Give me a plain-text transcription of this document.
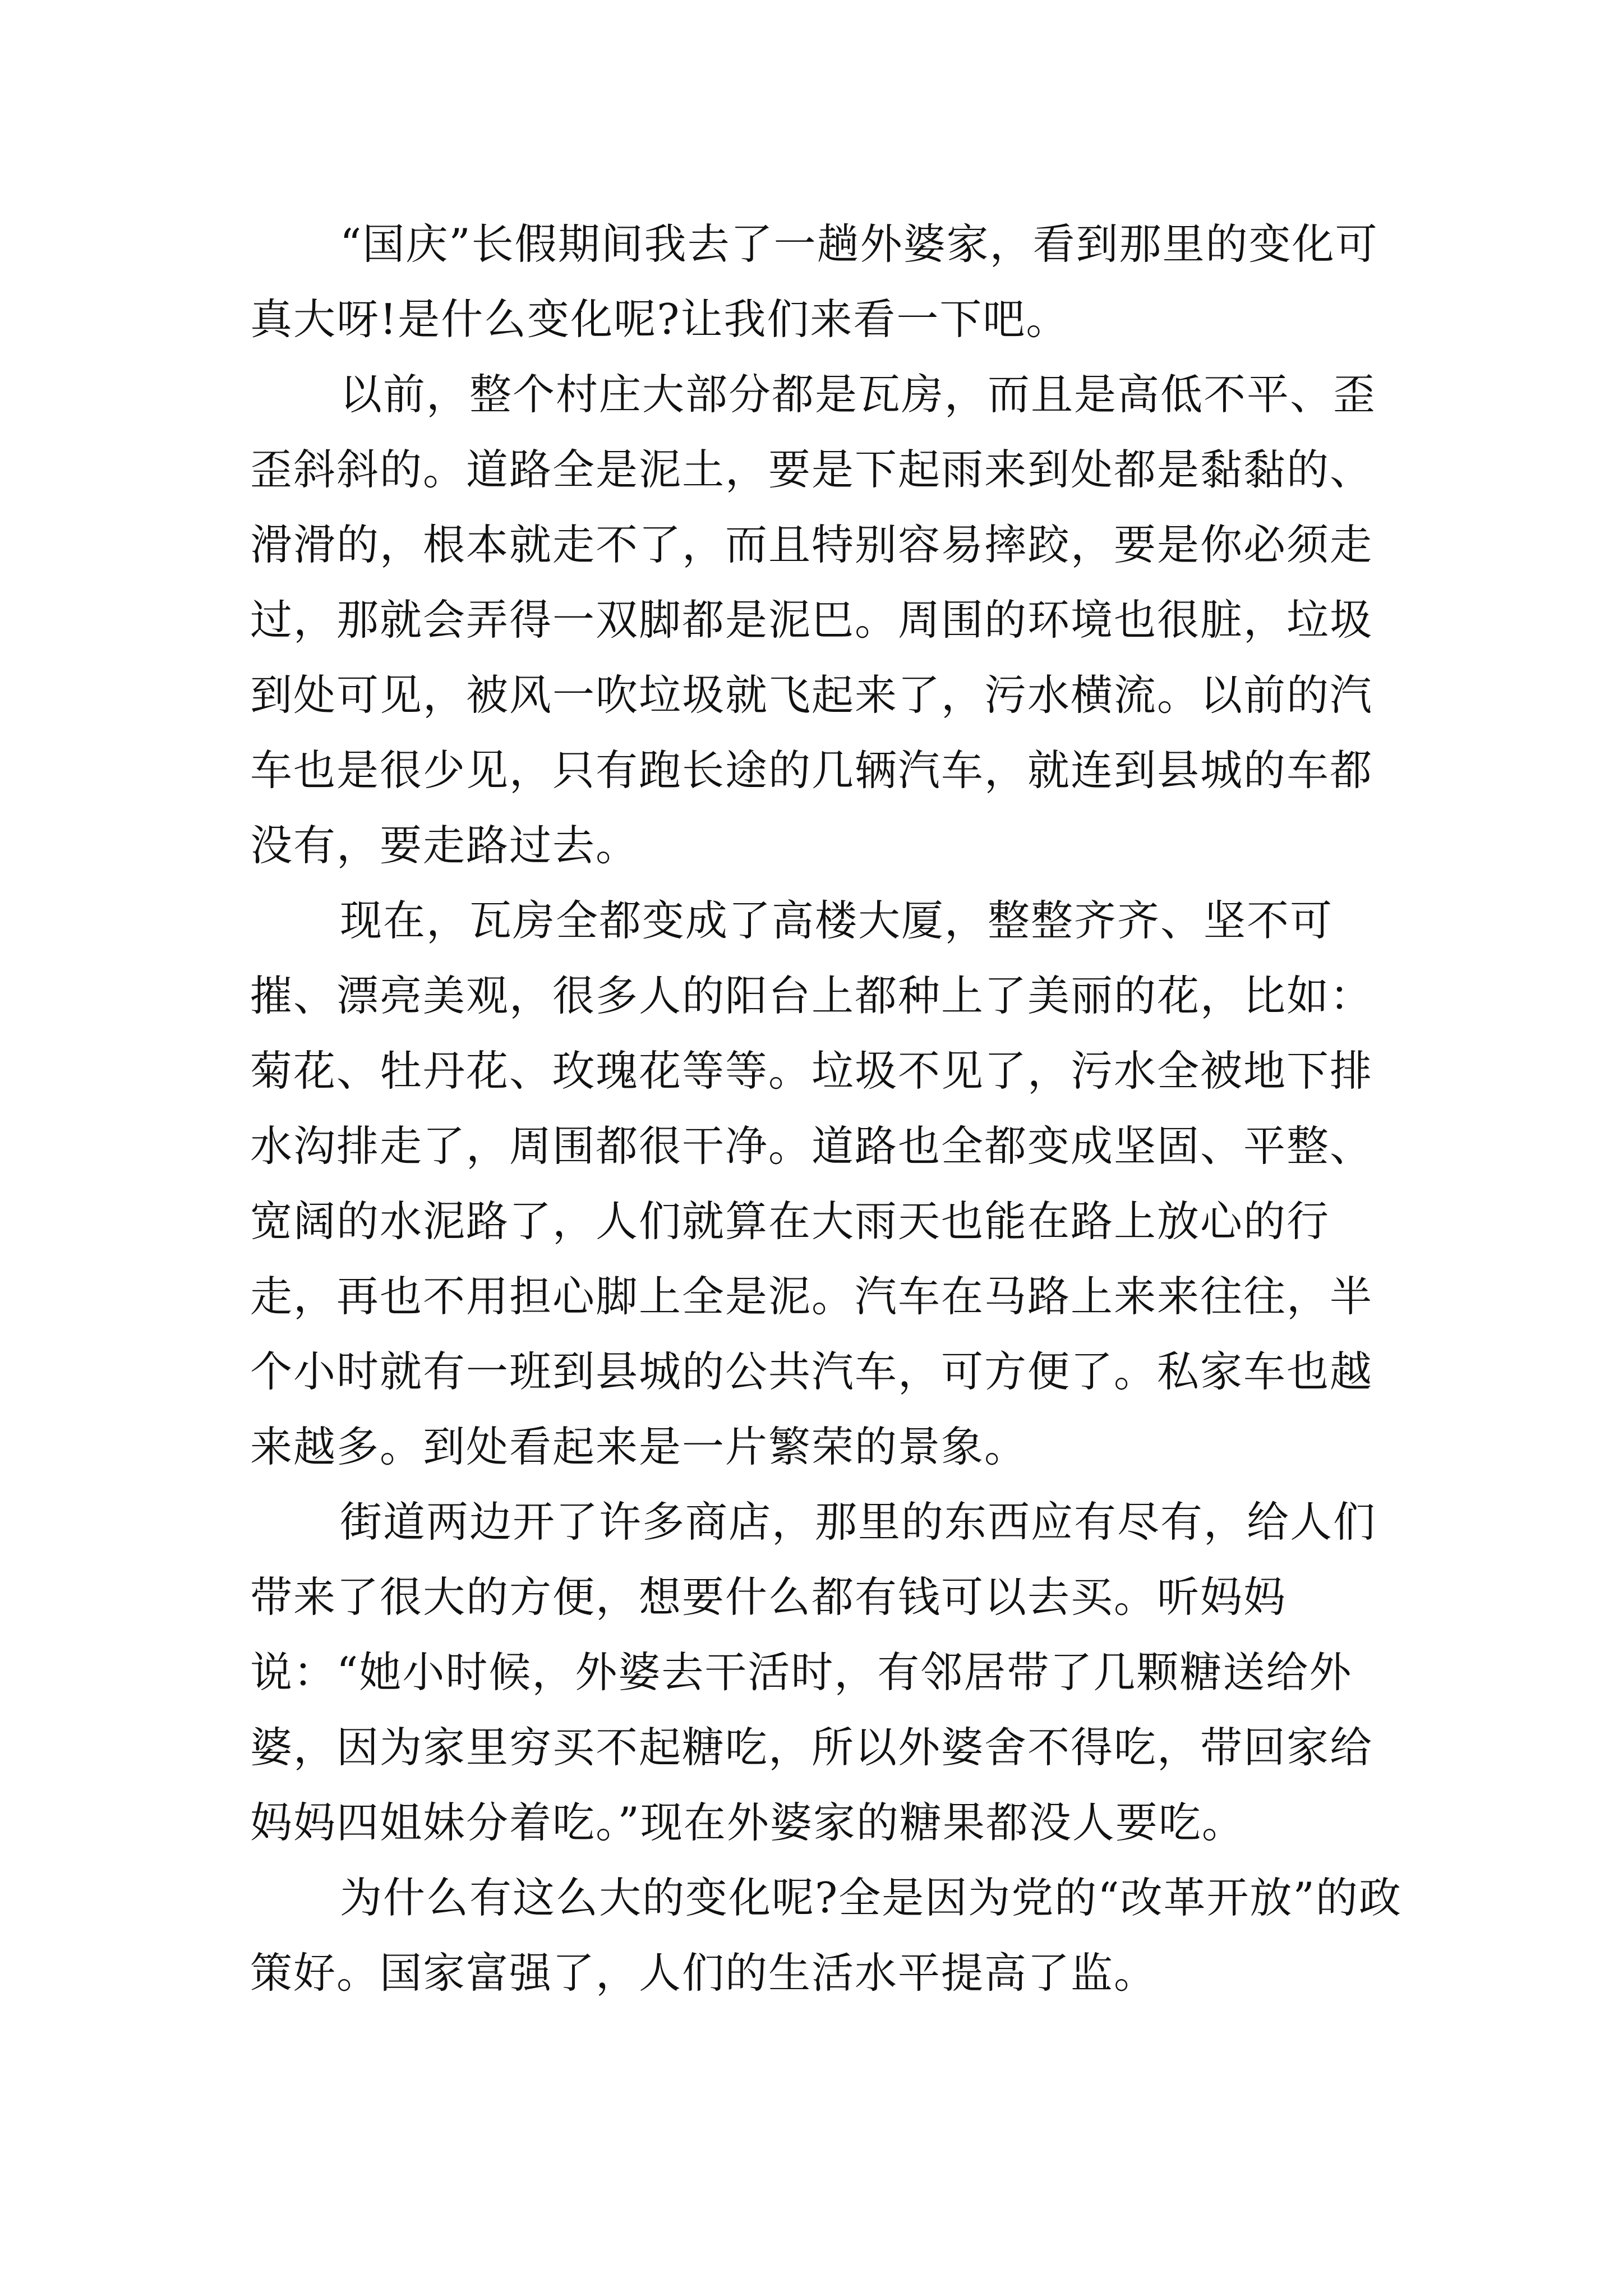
“国庆”长假期间我去了一趟外婆家，看到那里的变化可真大呀!是什么变化呢?让我们来看一下吧。

以前，整个村庄大部分都是瓦房，而且是高低不平、歪歪斜斜的。道路全是泥土，要是下起雨来到处都是黏黏的、滑滑的，根本就走不了，而且特别容易摔跤，要是你必须走过，那就会弄得一双脚都是泥巴。周围的环境也很脏，垃圾到处可见，被风一吹垃圾就飞起来了，污水横流。以前的汽车也是很少见，只有跑长途的几辆汽车，就连到县城的车都没有，要走路过去。

现在，瓦房全都变成了高楼大厦，整整齐齐、坚不可摧、漂亮美观，很多人的阳台上都种上了美丽的花，比如：菊花、牡丹花、玫瑰花等等。垃圾不见了，污水全被地下排水沟排走了，周围都很干净。道路也全都变成坚固、平整、宽阔的水泥路了，人们就算在大雨天也能在路上放心的行走，再也不用担心脚上全是泥。汽车在马路上来来往往，半个小时就有一班到县城的公共汽车，可方便了。私家车也越来越多。到处看起来是一片繁荣的景象。

街道两边开了许多商店，那里的东西应有尽有，给人们带来了很大的方便，想要什么都有钱可以去买。听妈妈说：“她小时候，外婆去干活时，有邻居带了几颗糖送给外婆，因为家里穷买不起糖吃，所以外婆舍不得吃，带回家给妈妈四姐妹分着吃。”现在外婆家的糖果都没人要吃。

为什么有这么大的变化呢?全是因为党的“改革开放”的政策好。国家富强了，人们的生活水平提高了监。
